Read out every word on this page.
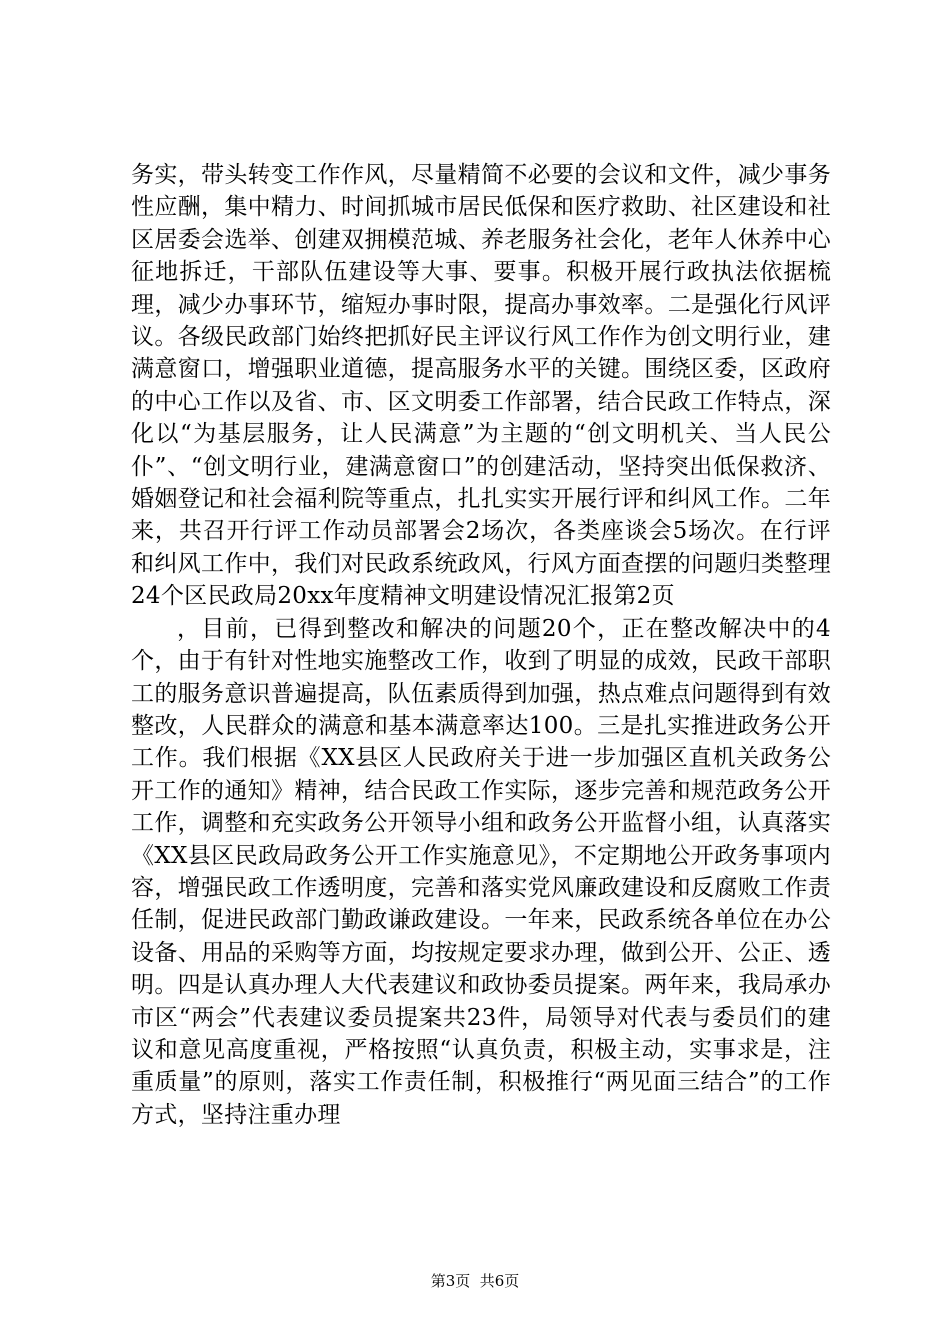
务实，带头转变工作作风，尽量精简不必要的会议和文件，减少事务性应酬，集中精力、时间抓城市居民低保和医疗救助、社区建设和社区居委会选举、创建双拥模范城、养老服务社会化，老年人休养中心征地拆迁，干部队伍建设等大事、要事。积极开展行政执法依据梳理，减少办事环节，缩短办事时限，提高办事效率。二是强化行风评议。各级民政部门始终把抓好民主评议行风工作作为创文明行业，建满意窗口，增强职业道德，提高服务水平的关键。围绕区委，区政府的中心工作以及省、市、区文明委工作部署，结合民政工作特点，深化以“为基层服务，让人民满意”为主题的“创文明机关、当人民公仆”、“创文明行业，建满意窗口”的创建活动，坚持突出低保救济、婚姻登记和社会福利院等重点，扎扎实实开展行评和纠风工作。二年来，共召开行评工作动员部署会2场次，各类座谈会5场次。在行评和纠风工作中，我们对民政系统政风，行风方面查摆的问题归类整理24个区民政局20xx年度精神文明建设情况汇报第2页

，目前，已得到整改和解决的问题20个，正在整改解决中的4个，由于有针对性地实施整改工作，收到了明显的成效，民政干部职工的服务意识普遍提高，队伍素质得到加强，热点难点问题得到有效整改，人民群众的满意和基本满意率达100。三是扎实推进政务公开工作。我们根据《XX县区人民政府关于进一步加强区直机关政务公开工作的通知》精神，结合民政工作实际，逐步完善和规范政务公开工作，调整和充实政务公开领导小组和政务公开监督小组，认真落实《XX县区民政局政务公开工作实施意见》，不定期地公开政务事项内容，增强民政工作透明度，完善和落实党风廉政建设和反腐败工作责任制，促进民政部门勤政谦政建设。一年来，民政系统各单位在办公设备、用品的采购等方面，均按规定要求办理，做到公开、公正、透明。四是认真办理人大代表建议和政协委员提案。两年来，我局承办市区“两会”代表建议委员提案共23件，局领导对代表与委员们的建议和意见高度重视，严格按照“认真负责，积极主动，实事求是，注重质量”的原则，落实工作责任制，积极推行“两见面三结合”的工作方式，坚持注重办理

第3页  共6页
